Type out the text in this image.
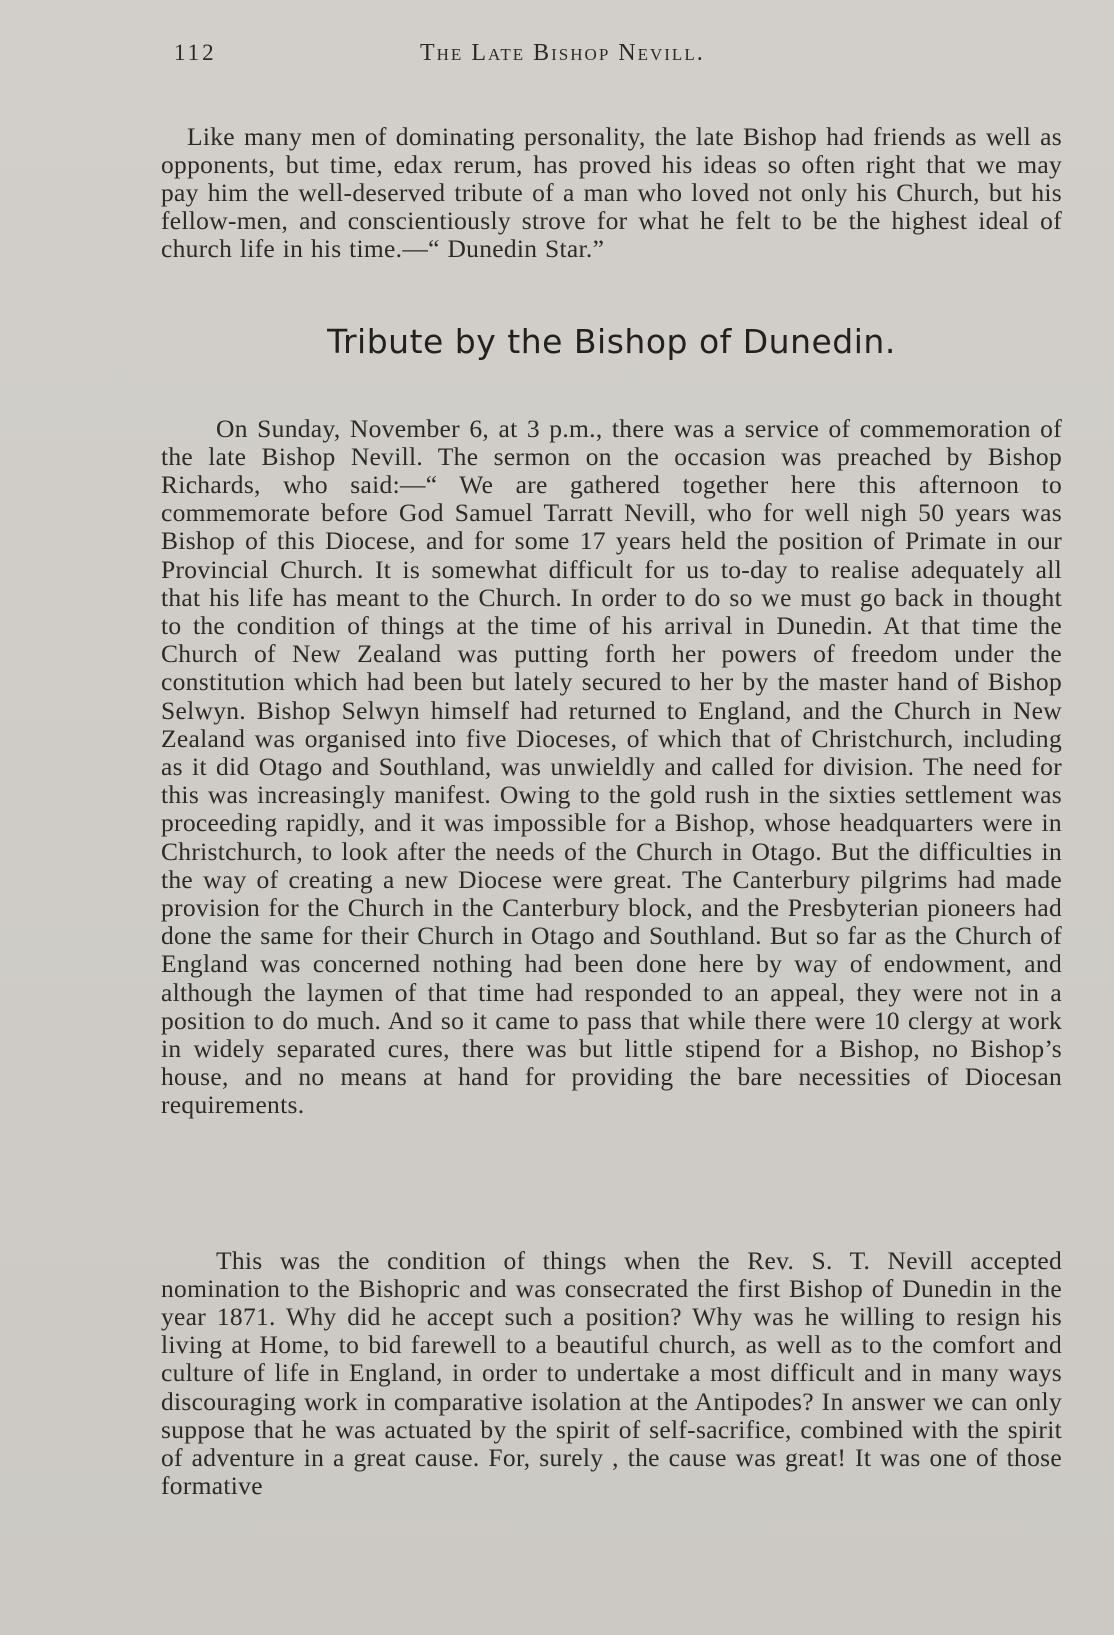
112	The Late Bishop Nevill.

Like many men of dominating personality, the late Bishop had friends as well as opponents, but time, edax rerum, has proved his ideas so often right that we may pay him the well-deserved tribute of a man who loved not only his Church, but his fellow-men, and conscientiously strove for what he felt to be the highest ideal of church life in his time.—“ Dunedin Star.”

Tribute by the Bishop of Dunedin.

On Sunday, November 6, at 3 p.m., there was a service of commemoration of the late Bishop Nevill. The sermon on the occasion was preached by Bishop Richards, who said:—“ We are gathered together here this afternoon to commemorate before God Samuel Tarratt Nevill, who for well nigh 50 years was Bishop of this Diocese, and for some 17 years held the position of Primate in our Provincial Church. It is somewhat difficult for us to-day to realise adequately all that his life has meant to the Church. In order to do so we must go back in thought to the condition of things at the time of his arrival in Dunedin. At that time the Church of New Zealand was putting forth her powers of freedom under the constitution which had been but lately secured to her by the master hand of Bishop Selwyn. Bishop Selwyn himself had returned to England, and the Church in New Zealand was organised into five Dioceses, of which that of Christchurch, including as it did Otago and Southland, was unwieldly and called for division. The need for this was increasingly manifest. Owing to the gold rush in the sixties settlement was proceeding rapidly, and it was impossible for a Bishop, whose headquarters were in Christchurch, to look after the needs of the Church in Otago. But the difficulties in the way of creating a new Diocese were great. The Canterbury pilgrims had made provision for the Church in the Canterbury block, and the Presbyterian pioneers had done the same for their Church in Otago and Southland. But so far as the Church of England was concerned nothing had been done here by way of endowment, and although the laymen of that time had responded to an appeal, they were not in a position to do much. And so it came to pass that while there were 10 clergy at work in widely separated cures, there was but little stipend for a Bishop, no Bishop’s house, and no means at hand for providing the bare necessities of Diocesan requirements.

This was the condition of things when the Rev. S. T. Nevill accepted nomination to the Bishopric and was consecrated the first Bishop of Dunedin in the year 1871. Why did he accept such a position? Why was he willing to resign his living at Home, to bid farewell to a beautiful church, as well as to the comfort and culture of life in England, in order to undertake a most difficult and in many ways discouraging work in comparative isolation at the Antipodes? In answer we can only suppose that he was actuated by the spirit of self-sacrifice, combined with the spirit of adventure in a great cause. For, surely , the cause was great! It was one of those formative
